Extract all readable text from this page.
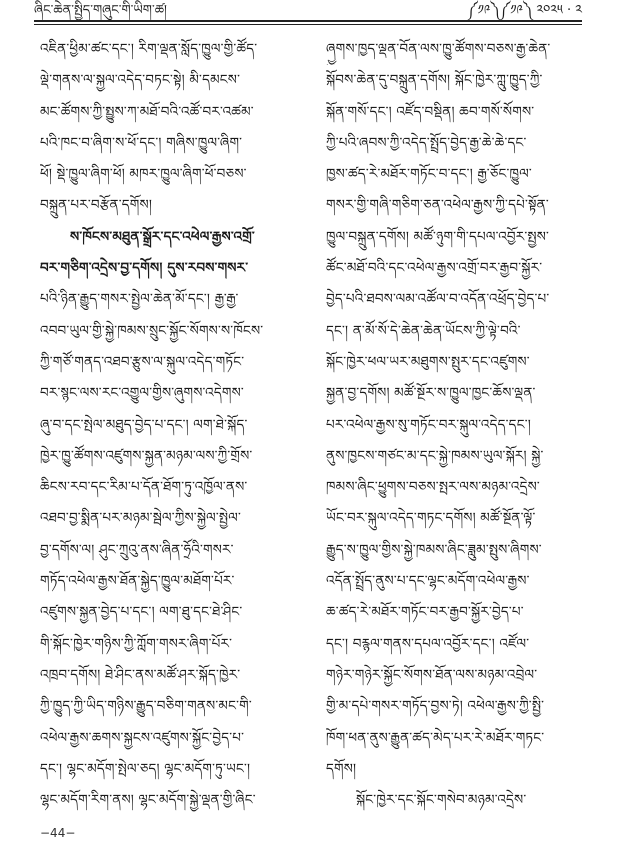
ཞིང་ཆེན་སྤྱིད་གཞུང་གི་ཡིག་ཚ།	༼༡༩༽༼༡༩༽ ༢༠༢༥ · ༢
འཇིན་ཕྱིམ་ཚང་དང་། རིག་ལྡན་སློད་ཁྱུལ་གྱི་ཚོད་
ལྡེ་གནས་ལ་སྐྱལ་འདེད་བཏང་སྟེ། མི་དམངས་
མང་ཚོགས་ཀྱི་སྤྱུས་ཀ་མཐོ་བའི་འཚོ་བར་འཚམ་
པའི་ཁང་བ་ཞིག་ས་ཕོ་དང་། གཞིས་ཁྱུལ་ཞིག་
ཕོ། སྡེ་ཁྱུལ་ཞིག་ཕོ། མཁར་ཁྱུལ་ཞིག་ཕོ་བཅས་
བསྐྲུན་པར་བརྩོན་དགོས།
ས་ཁོངས་མཐུན་སྒྲོར་དང་འཕེལ་རྒྱས་འགྲོ་
བར་གཅིག་འདྲེས་བྱ་དགོས། དུས་རབས་གསར་
པའི་ཉིན་རྒྱུད་གསར་སྤྱེལ་ཆེན་མོ་དང་། རྒྱ་རྒྱ་
འབབ་ཡུལ་གྱི་སྐྱེ་ཁམས་སྲུང་སྐྱོང་སོགས་ས་ཁོངས་
ཀྱི་གཙོ་གནད་འཐབ་རྩུས་ལ་སྐུལ་འདེད་གཏོང་
བར་སྙང་ལས་རང་འགྱུལ་གྱིས་ཞུགས་འདེགས་
ཞུ་བ་དང་སྤེལ་མཐུད་བྱེད་པ་དང་། ལག་ཐེ་སྐོད་
ཁྱེར་ཁྱུ་ཚོགས་འཛུགས་སྐྱན་མཉམ་ལས་ཀྱི་གྲོས་
ཆིངས་རབ་དང་རིམ་པ་དོན་ཐོག་ཏུ་འཁྱོལ་ནས་
འཐབ་བྱ་སྨིན་པར་མཉམ་སྦེལ་ཀྱིས་སྐྱེལ་སྤྱེལ་
བྱ་དགོས་ལ། ཤུང་ཀྲུའུ་ནས་ཞིན་ཧྲོའི་གསར་
གཏོད་འཕེལ་རྒྱས་ཐོན་སྐྱེད་ཁྱུལ་མཐོག་པོར་
འཛུགས་སྐྱན་བྱེད་པ་དང་། ལག་ཐུ་དང་ཐེ་ཤིང་
གི་སྐོང་ཁྱེར་གཉིས་ཀྱི་ཀློག་གསར་ཞིག་པོར་
འཁྲབ་དགོས། ཐེ་ཤིང་ནས་མཚོ་ཤར་སྐོད་ཁྱེར་
ཀྱི་ཁྱུད་ཀྱི་ཡིད་གཉིས་རྒྱུད་བཅིག་གནས་མང་གི་
འཕེལ་རྒྱས་ཆགས་སྐྱངས་འཛུགས་སྐྱོང་བྱེད་པ་
དང་། ལྷང་མདོག་སྤེལ་ཅད། ལྷང་མདོག་ཏུ་ཡང་།
ལྷང་མདོག་རིག་ནས། ལྷང་མདོག་སྐྱེ་ལྡན་གྱི་ཞིང་
ཞྱུགས་ཁྱད་ལྡན་བོན་ལས་ཁྱུ་ཚོགས་བཅས་རྒྱ་ཆེན་
སྐོབས་ཆེན་དུ་བསྐྲུན་དགོས། སྐོང་ཁྱེར་ཀླུ་ཁྱུད་ཀྱི་
སྐོན་གསོ་དང་། འཛོད་བསྡིན། ཆབ་གསོ་སོགས་
ཀྱི་པའི་ཞབས་ཀྱི་འདེད་སྤྲོད་བྱེད་རྒྱ་ཆེ་ཆེ་དང་
ཁྱས་ཚད་རེ་མཐོར་གཏོང་བ་དང་། རྒྱ་ཅོང་ཁྱུལ་
གསར་གྱི་གཞི་གཅིག་ཅན་འཕེལ་རྒྱས་ཀྱི་དཔེ་སྟོན་
ཁྱུལ་བསྐྲུན་དགོས། མཚོ་ཉུག་གི་དཔལ་འབྱོར་སྤྱས་
ཚོང་མཐོ་བའི་དང་འཕེལ་རྒྱས་འགྲོ་བར་རྒྱབ་སྐྱོར་
བྱེད་པའི་ཐབས་ལམ་འཚོལ་བ་འདོན་འཕྲོད་བྱེད་པ་
དང་། ན་མོ་སོ་དེ་ཆེན་ཆེན་ཡོངས་ཀྱི་ལྟེ་བའི་
སྐོང་ཁྱེར་ཕལ་ཡར་མཐུགས་སྤུར་དང་འཛུགས་
སྐྱན་བྱ་དགོས། མཚོ་སྔོར་ས་ཁྱུལ་ཁྱང་ཆོས་ལྡན་
པར་འཕེལ་རྒྱས་སུ་གཏོང་བར་སྐུལ་འདེད་དང་།
ནུས་ཁྱངས་གཙང་མ་དང་སྐྱེ་ཁམས་ཡུལ་སྐོར། སྐྱེ་
ཁམས་ཞིང་ཕྱུགས་བཅས་སྤར་ལས་མཉམ་འདྲེས་
ཡོང་བར་སྐུལ་འདེད་གཏང་དགོས། མཚོ་སྔོན་ལྟོ་
རྒྱུད་ས་ཁྱུལ་གྱིས་སྐྱེ་ཁམས་ཞིང་ཟླུམ་སྤུས་ཞིགས་
འདོན་སྤྲོད་ནུས་པ་དང་ལྷང་མདོག་འཕེལ་རྒྱས་
ཆ་ཚད་རེ་མཐོར་གཏོང་བར་རྒྱབ་སྐྱོར་བྱེད་པ་
དང་། བརྙལ་གནས་དཔལ་འབྱོར་དང་། འཛོལ་
གཉེར་གཉེར་སྐྱོང་སོགས་ཐོན་ལས་མཉམ་འབྲེལ་
གྱི་མ་དཔེ་གསར་གཏོད་བྱས་ཏེ། འཕེལ་རྒྱས་ཀྱི་སྤྱི་
ཁོག་ཕན་ནུས་རྒྱུན་ཚད་མེད་པར་རེ་མཐོར་གཏང་
དགོས།
སྐོང་ཁྱེར་དང་སྐོང་གསེབ་མཉམ་འདྲེས་
−44−
